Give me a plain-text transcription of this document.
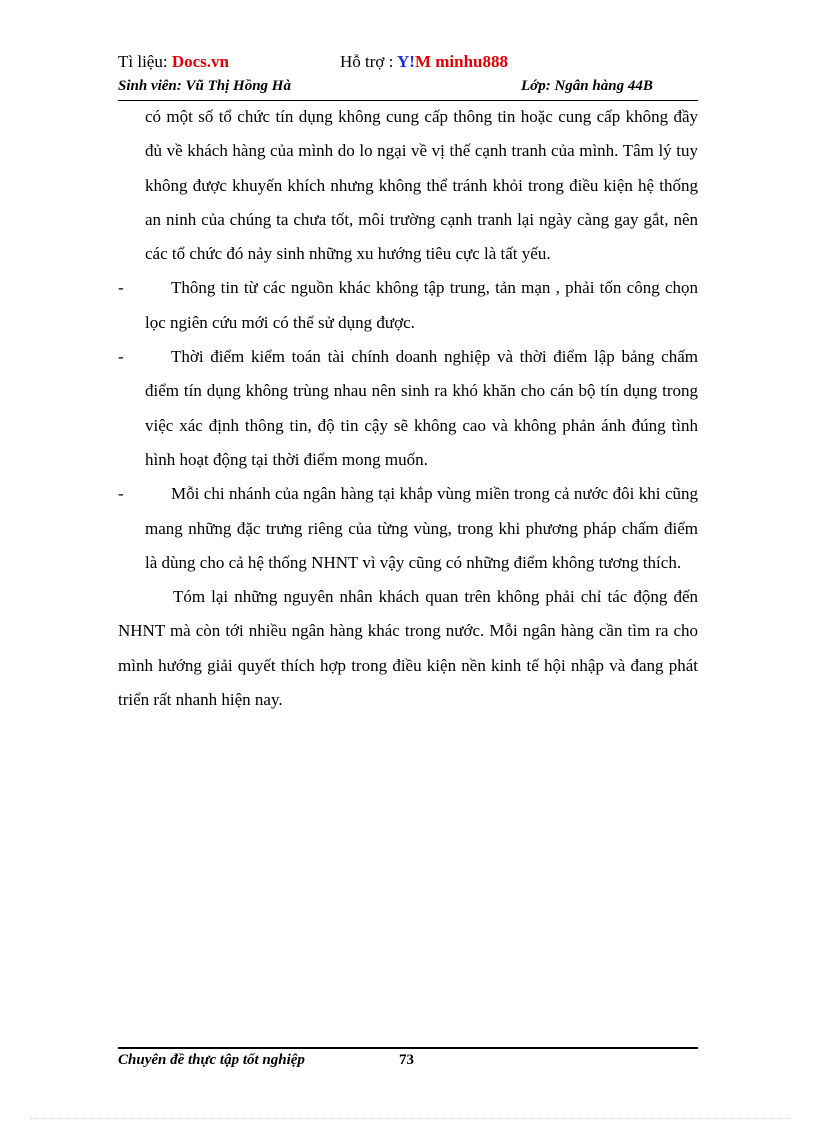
Tì liệu: Docs.vn	Hỗ trợ : Y!M minhu888
Sinh viên: Vũ Thị Hồng Hà	Lớp: Ngân hàng 44B

có một số tổ chức tín dụng không cung cấp thông tin hoặc cung cấp không đầy đủ về khách hàng của mình do lo ngại về vị thế cạnh tranh của mình. Tâm lý tuy không được khuyến khích nhưng không thể tránh khỏi trong điều kiện hệ thống an ninh của chúng ta chưa tốt, môi trường cạnh tranh lại ngày càng gay gắt, nên các tổ chức đó nảy sinh những xu hướng tiêu cực là tất yếu.

-	Thông tin từ các nguồn khác không tập trung, tản mạn , phải tốn công chọn lọc ngiên cứu mới có thể sử dụng được.

-	Thời điểm kiểm toán tài chính doanh nghiệp và thời điểm lập bảng chấm điểm tín dụng không trùng nhau nên sinh ra khó khăn cho cán bộ tín dụng trong việc xác định thông tin, độ tin cậy sẽ không cao và không phản ánh đúng tình hình hoạt động tại thời điểm mong muốn.

-	Mỗi chi nhánh của ngân hàng tại khắp vùng miền trong cả nước đôi khi cũng mang những đặc trưng riêng của từng vùng, trong khi phương pháp chấm điểm là dùng cho cả hệ thống NHNT vì vậy cũng có những điểm không tương thích.

Tóm lại những nguyên nhân khách quan trên không phải chỉ tác động đến NHNT mà còn tới nhiều ngân hàng khác trong nước. Mỗi ngân hàng cần tìm ra cho mình hướng giải quyết thích hợp trong điều kiện nền kinh tế hội nhập và đang phát triển rất nhanh hiện nay.

Chuyên đề thực tập tốt nghiệp	73
